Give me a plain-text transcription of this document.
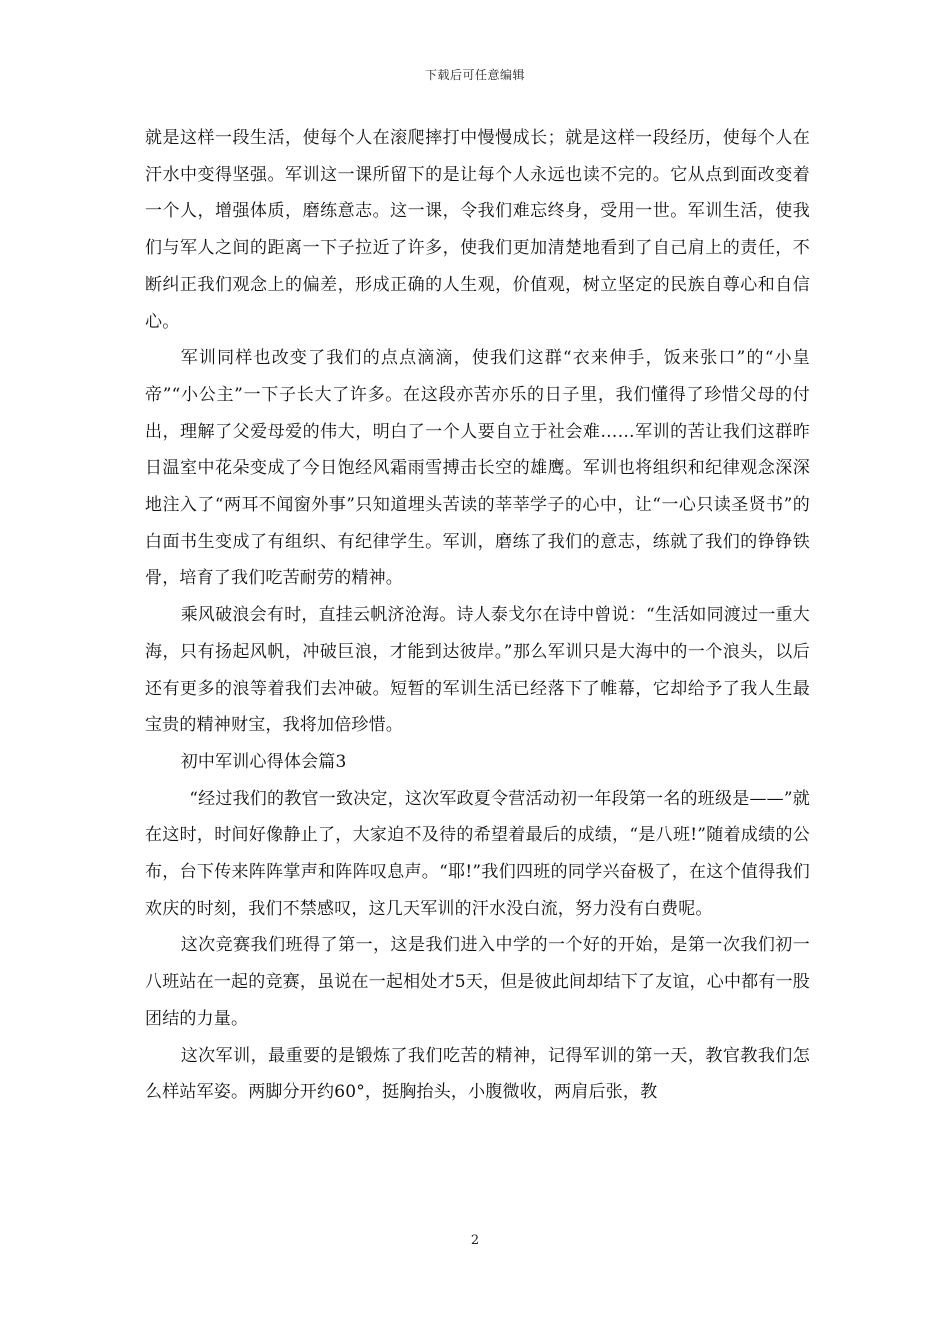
下载后可任意编辑

就是这样一段生活，使每个人在滚爬摔打中慢慢成长；就是这样一段经历，使每个人在汗水中变得坚强。军训这一课所留下的是让每个人永远也读不完的。它从点到面改变着一个人，增强体质，磨练意志。这一课，令我们难忘终身，受用一世。军训生活，使我们与军人之间的距离一下子拉近了许多，使我们更加清楚地看到了自己肩上的责任，不断纠正我们观念上的偏差，形成正确的人生观，价值观，树立坚定的民族自尊心和自信心。

军训同样也改变了我们的点点滴滴，使我们这群“衣来伸手，饭来张口”的“小皇帝”“小公主”一下子长大了许多。在这段亦苦亦乐的日子里，我们懂得了珍惜父母的付出，理解了父爱母爱的伟大，明白了一个人要自立于社会难……军训的苦让我们这群昨日温室中花朵变成了今日饱经风霜雨雪搏击长空的雄鹰。军训也将组织和纪律观念深深地注入了“两耳不闻窗外事”只知道埋头苦读的莘莘学子的心中，让“一心只读圣贤书”的白面书生变成了有组织、有纪律学生。军训，磨练了我们的意志，练就了我们的铮铮铁骨，培育了我们吃苦耐劳的精神。

乘风破浪会有时，直挂云帆济沧海。诗人泰戈尔在诗中曾说：“生活如同渡过一重大海，只有扬起风帆，冲破巨浪，才能到达彼岸。”那么军训只是大海中的一个浪头，以后还有更多的浪等着我们去冲破。短暂的军训生活已经落下了帷幕，它却给予了我人生最宝贵的精神财宝，我将加倍珍惜。

初中军训心得体会篇3

“经过我们的教官一致决定，这次军政夏令营活动初一年段第一名的班级是——”就在这时，时间好像静止了，大家迫不及待的希望着最后的成绩，“是八班!”随着成绩的公布，台下传来阵阵掌声和阵阵叹息声。“耶!”我们四班的同学兴奋极了，在这个值得我们欢庆的时刻，我们不禁感叹，这几天军训的汗水没白流，努力没有白费呢。

这次竞赛我们班得了第一，这是我们进入中学的一个好的开始，是第一次我们初一八班站在一起的竞赛，虽说在一起相处才5天，但是彼此间却结下了友谊，心中都有一股团结的力量。

这次军训，最重要的是锻炼了我们吃苦的精神，记得军训的第一天，教官教我们怎么样站军姿。两脚分开约60°，挺胸抬头，小腹微收，两肩后张，教

2
